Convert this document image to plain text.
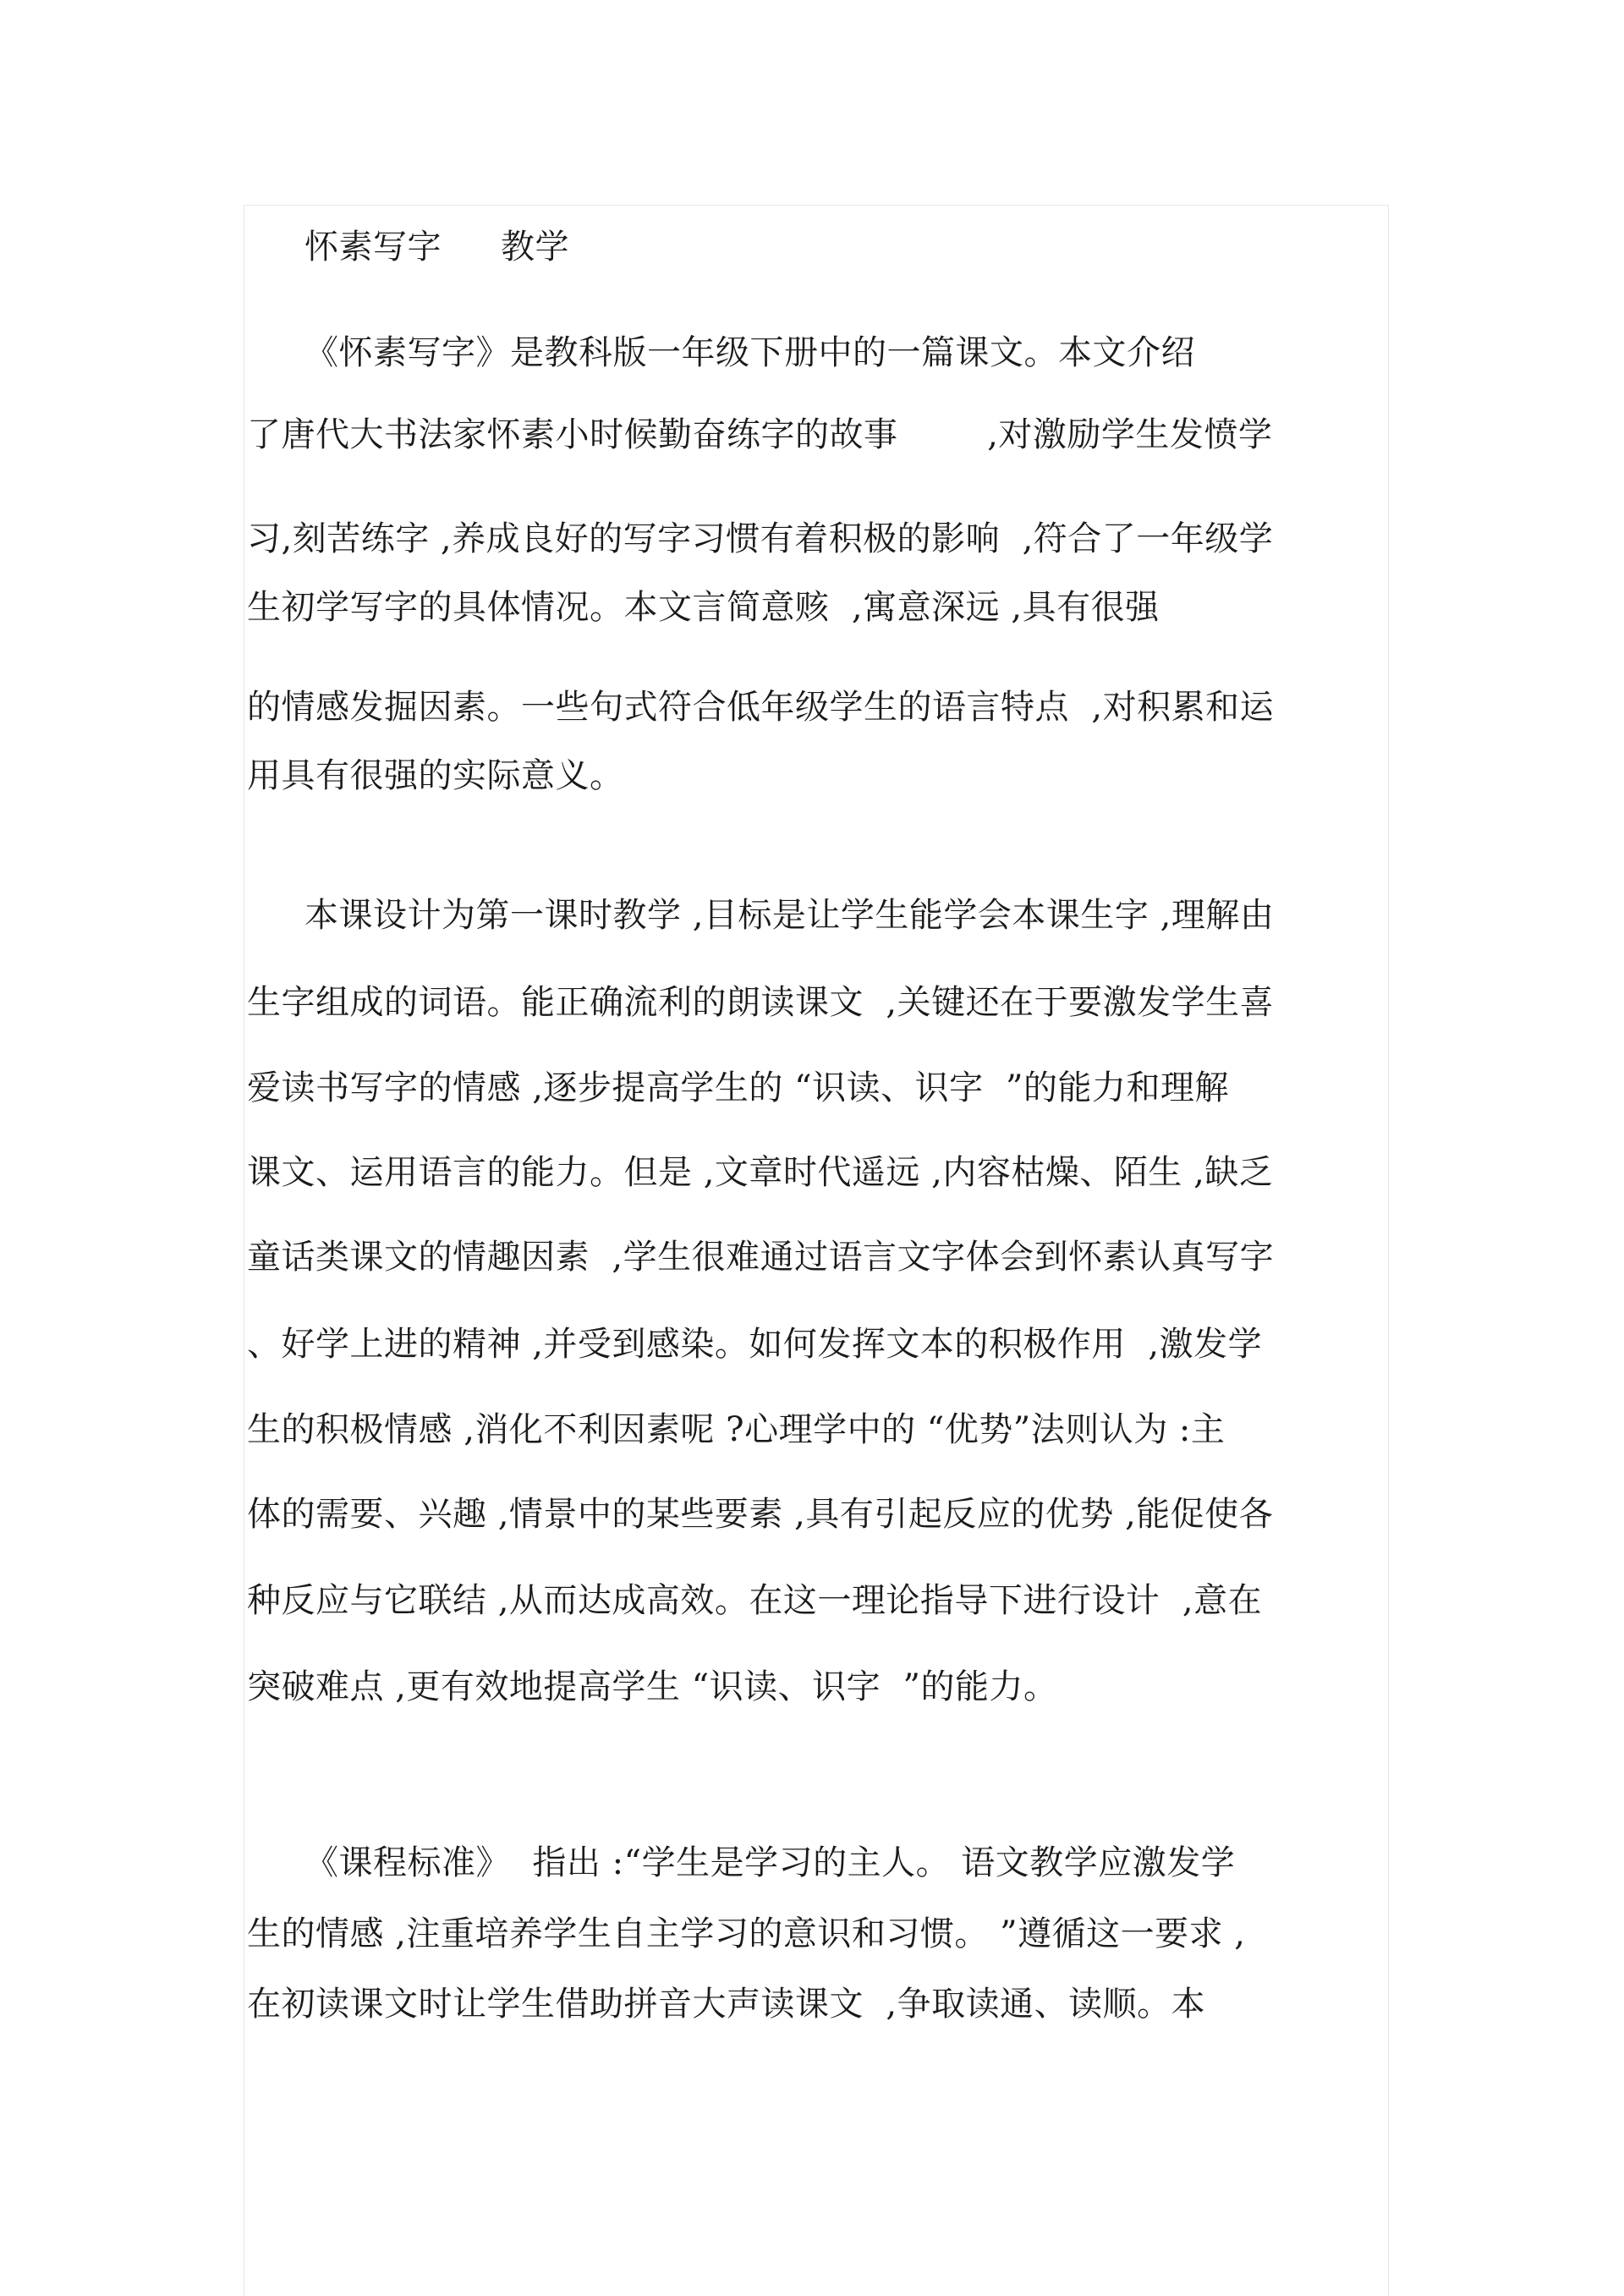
怀素写字 教学
《怀素写字》是教科版一年级下册中的一篇课文。本文介绍
了唐代大书法家怀素小时候勤奋练字的故事        ,对激励学生发愤学
习,刻苦练字 ,养成良好的写字习惯有着积极的影响  ,符合了一年级学
生初学写字的具体情况。本文言简意赅  ,寓意深远 ,具有很强
的情感发掘因素。一些句式符合低年级学生的语言特点  ,对积累和运
用具有很强的实际意义。
本课设计为第一课时教学 ,目标是让学生能学会本课生字 ,理解由
生字组成的词语。能正确流利的朗读课文  ,关键还在于要激发学生喜
爱读书写字的情感 ,逐步提高学生的 “识读、识字  ”的能力和理解
课文、运用语言的能力。但是 ,文章时代遥远 ,内容枯燥、陌生 ,缺乏
童话类课文的情趣因素  ,学生很难通过语言文字体会到怀素认真写字
、好学上进的精神 ,并受到感染。如何发挥文本的积极作用  ,激发学
生的积极情感 ,消化不利因素呢 ?心理学中的 “优势”法则认为 :主
体的需要、兴趣 ,情景中的某些要素 ,具有引起反应的优势 ,能促使各
种反应与它联结 ,从而达成高效。在这一理论指导下进行设计  ,意在
突破难点 ,更有效地提高学生 “识读、识字  ”的能力。
《课程标准》  指出 :“学生是学习的主人。 语文教学应激发学
生的情感 ,注重培养学生自主学习的意识和习惯。 ”遵循这一要求 ,
在初读课文时让学生借助拼音大声读课文  ,争取读通、读顺。本
